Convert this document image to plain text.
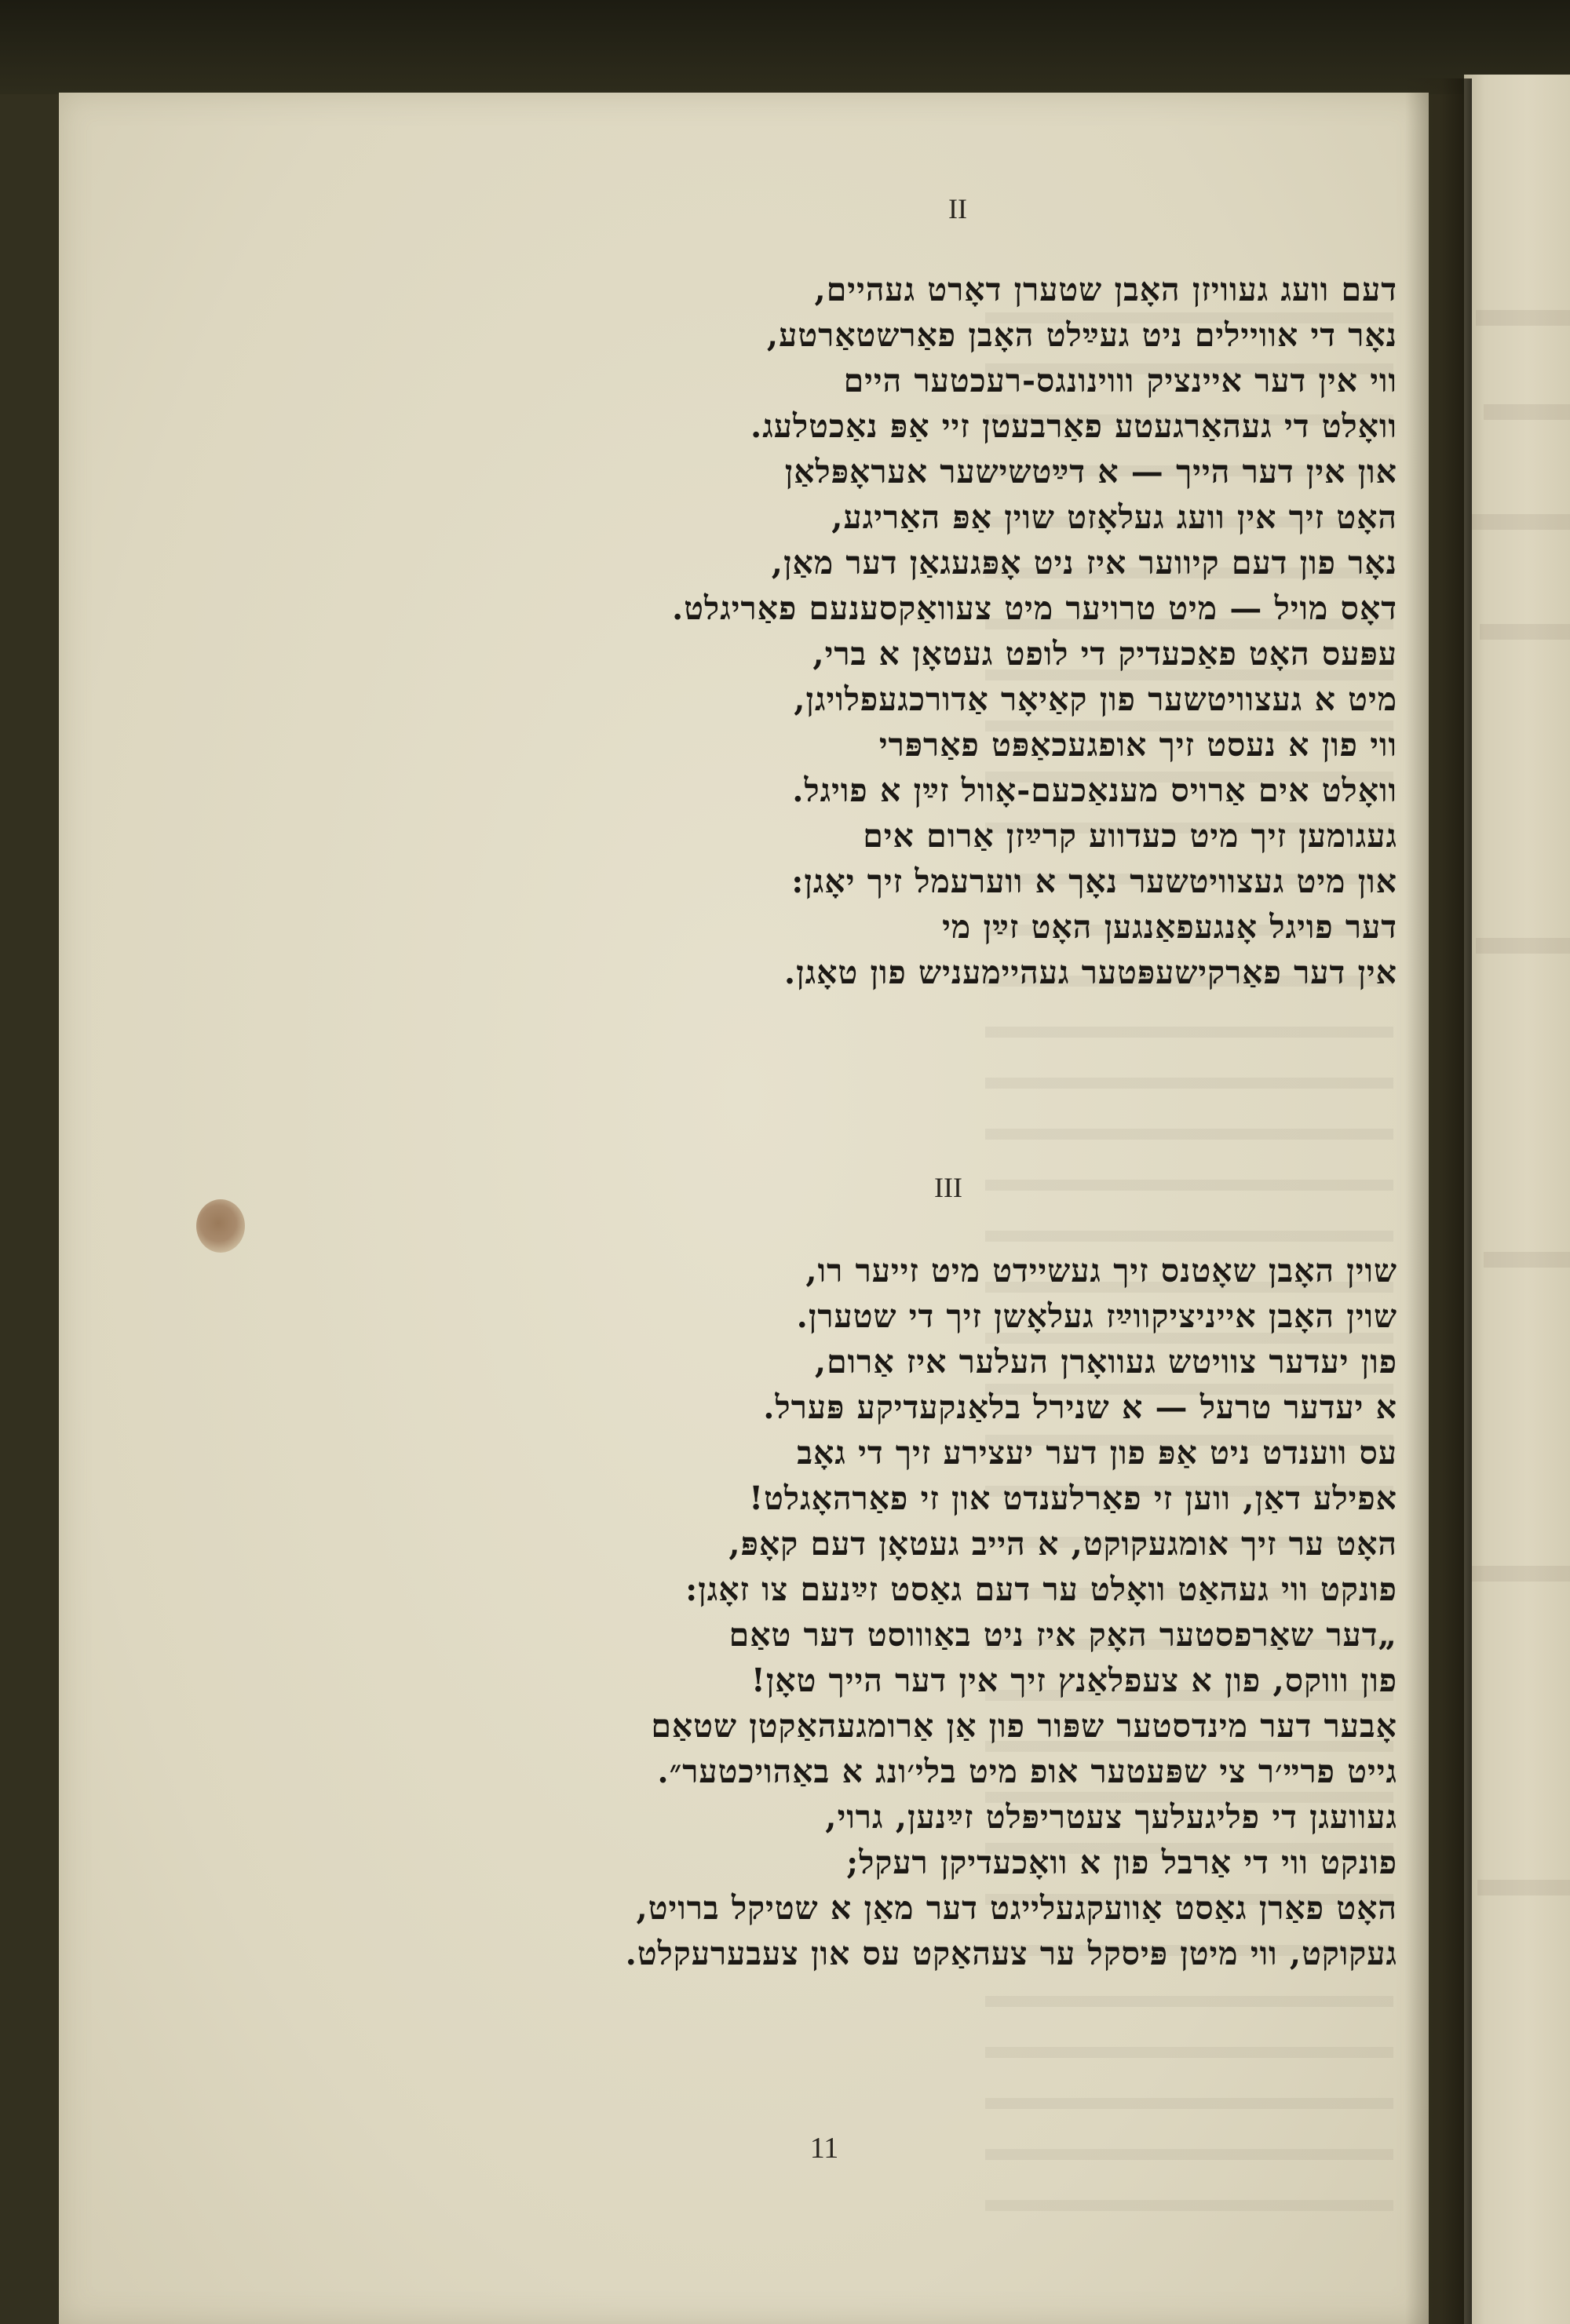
II
דעם וועג געוויזן האָבן שטערן דאָרט געהיים,
נאָר די אוויילים ניט געײַלט האָבן פאַרשטאַרטע,
ווי אין דער איינציק וווינונגס-רעכטער היים
וואָלט די געהאַרגעטע פאַרבעטן זיי אַפּ נאַכטלעג.
און אין דער הייך — א דײַטשישער אעראָפּלאַן
האָט זיך אין וועג געלאָזט שוין אַפּ האַריגע,
נאָר פון דעם קיווער איז ניט אָפּגעגאַן דער מאַן,
דאָס מויל — מיט טרויער מיט צעוואַקסענעם פאַריגלט.
עפּעס האָט פאַכעדיק די לופט געטאָן א ברי,
מיט א געצוויטשער פון קאַיאָר אַדורכגעפלויגן,
ווי פון א נעסט זיך אופגעכאַפּט פאַרפּרי
וואָלט אים אַרויס מענאַכעם-אָוול זײַן א פויגל.
געגומען זיך מיט כעדווע קרײַזן אַרום אים
און מיט געצוויטשער נאָך א ווערעמל זיך יאָגן:
דער פויגל אָנגעפאַנגען האָט זײַן מי
אין דער פאַרקישעפּטער געהיימעניש פון טאָגן.
III
שוין האָבן שאָטנס זיך געשיידט מיט זייער רו,
שוין האָבן אייניציקווײַז געלאָשן זיך די שטערן.
פון יעדער צוויטש געוואָרן העלער איז אַרום,
א יעדער טרעל — א שנירל בלאַנקעדיקע פּערל.
עס ווענדט ניט אַפּ פון דער יעצירע זיך די גאָב
אפילע דאַן, ווען זי פאַרלענדט און זי פאַרהאָגלט!
האָט ער זיך אומגעקוקט, א הייב געטאָן דעם קאָפּ,
פונקט ווי געהאַט וואָלט ער דעם גאַסט זײַנעם צו זאָגן:
„דער שאַרפסטער האָק איז ניט באַוווסט דער טאַם
פון וווקס, פון א צעפלאַנץ זיך אין דער הייך טאָן!
אָבער דער מינדסטער שפּור פון אַן אַרומגעהאַקטן שטאַם
גייט פרײ׳ר צי שפּעטער אופ מיט בלי׳ונג א באַהויכטער״.
געוועגן די פליגעלעך צעטריפּלט זײַנען, גרוי,
פונקט ווי די אַרבל פון א וואָכעדיקן רעקל;
האָט פאַרן גאַסט אַוועקגעלייגט דער מאַן א שטיקל ברויט,
געקוקט, ווי מיטן פּיסקל ער צעהאַקט עס און צעבערעקלט.
11
